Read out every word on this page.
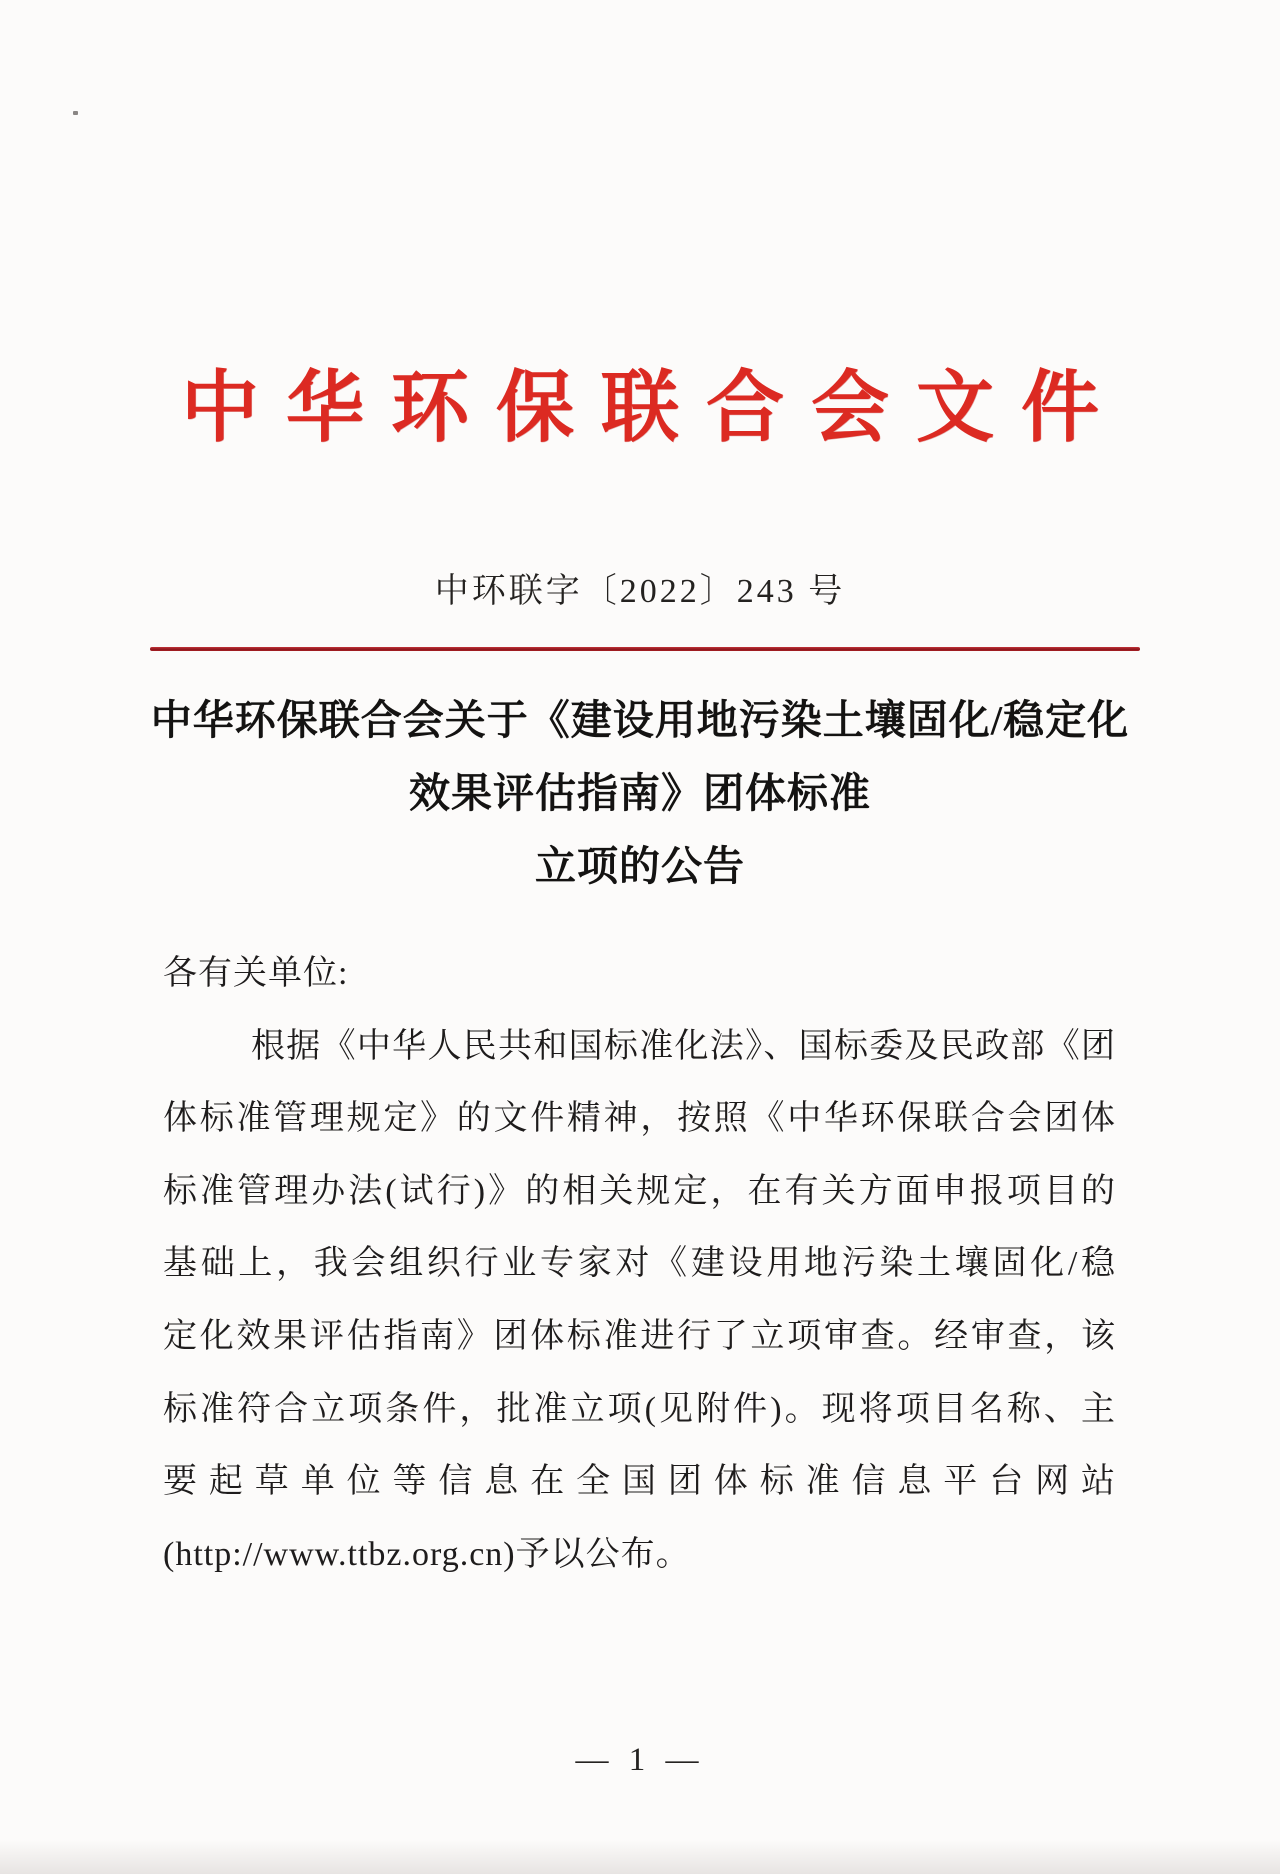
中华环保联合会文件
中环联字〔2022〕243 号
中华环保联合会关于《建设用地污染土壤固化/稳定化
效果评估指南》团体标准
立项的公告
各有关单位:
根据《中华人民共和国标准化法》、国标委及民政部《团
体标准管理规定》的文件精神，按照《中华环保联合会团体
标准管理办法(试行)》的相关规定，在有关方面申报项目的
基础上，我会组织行业专家对《建设用地污染土壤固化/稳
定化效果评估指南》团体标准进行了立项审查。经审查，该
标准符合立项条件，批准立项(见附件)。现将项目名称、主
要起草单位等信息在全国团体标准信息平台网站
(http://www.ttbz.org.cn)予以公布。
— 1 —
